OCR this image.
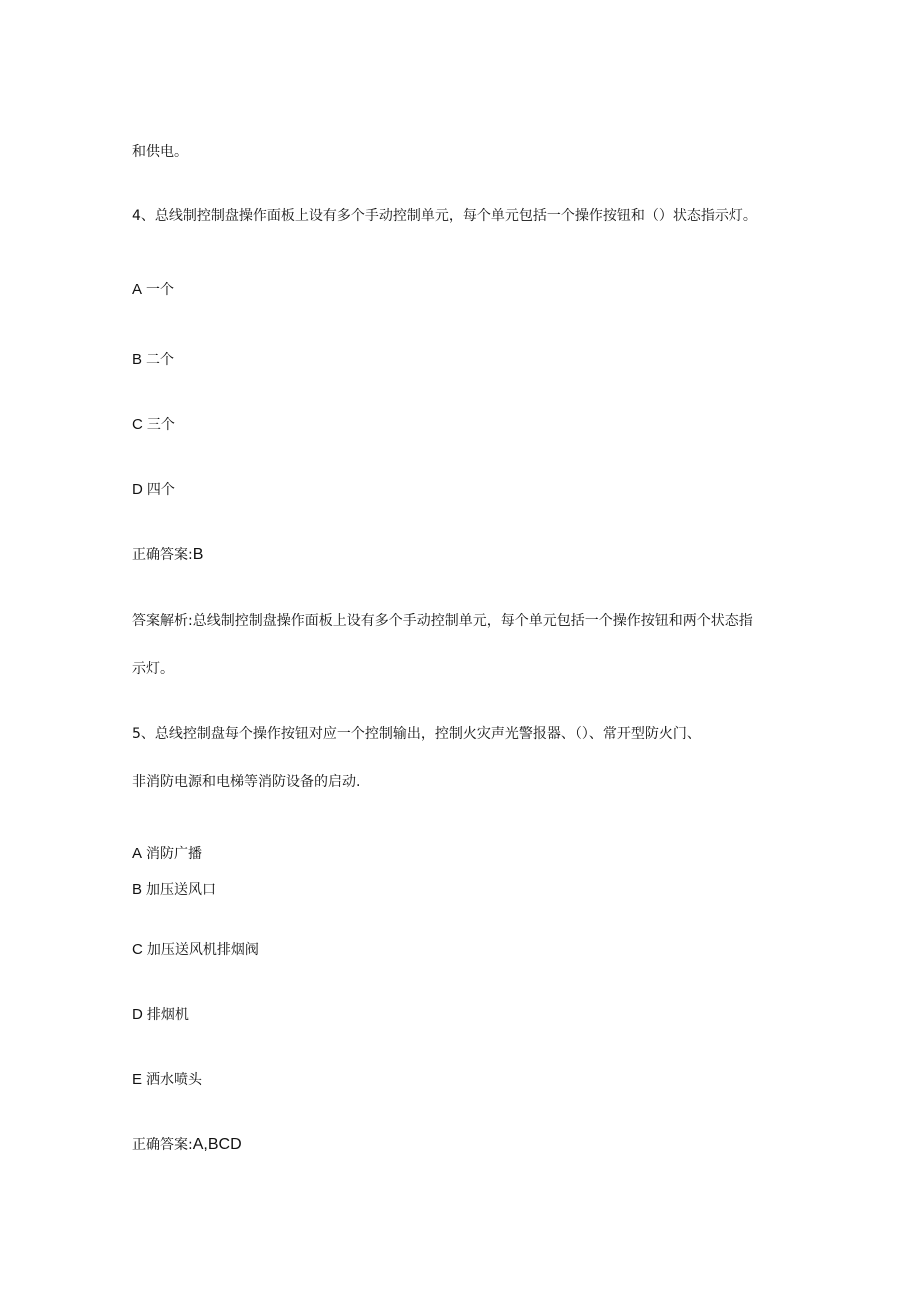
和供电。
4、总线制控制盘操作面板上设有多个手动控制单元，每个单元包括一个操作按钮和（）状态指示灯。
A 一个
B 二个
C 三个
D 四个
正确答案:B
答案解析:总线制控制盘操作面板上设有多个手动控制单元，每个单元包括一个操作按钮和两个状态指
示灯。
5、总线控制盘每个操作按钮对应一个控制输出，控制火灾声光警报器、（）、常开型防火门、
非消防电源和电梯等消防设备的启动.
A 消防广播
B 加压送风口
C 加压送风机排烟阀
D 排烟机
E 洒水喷头
正确答案:A,BCD
